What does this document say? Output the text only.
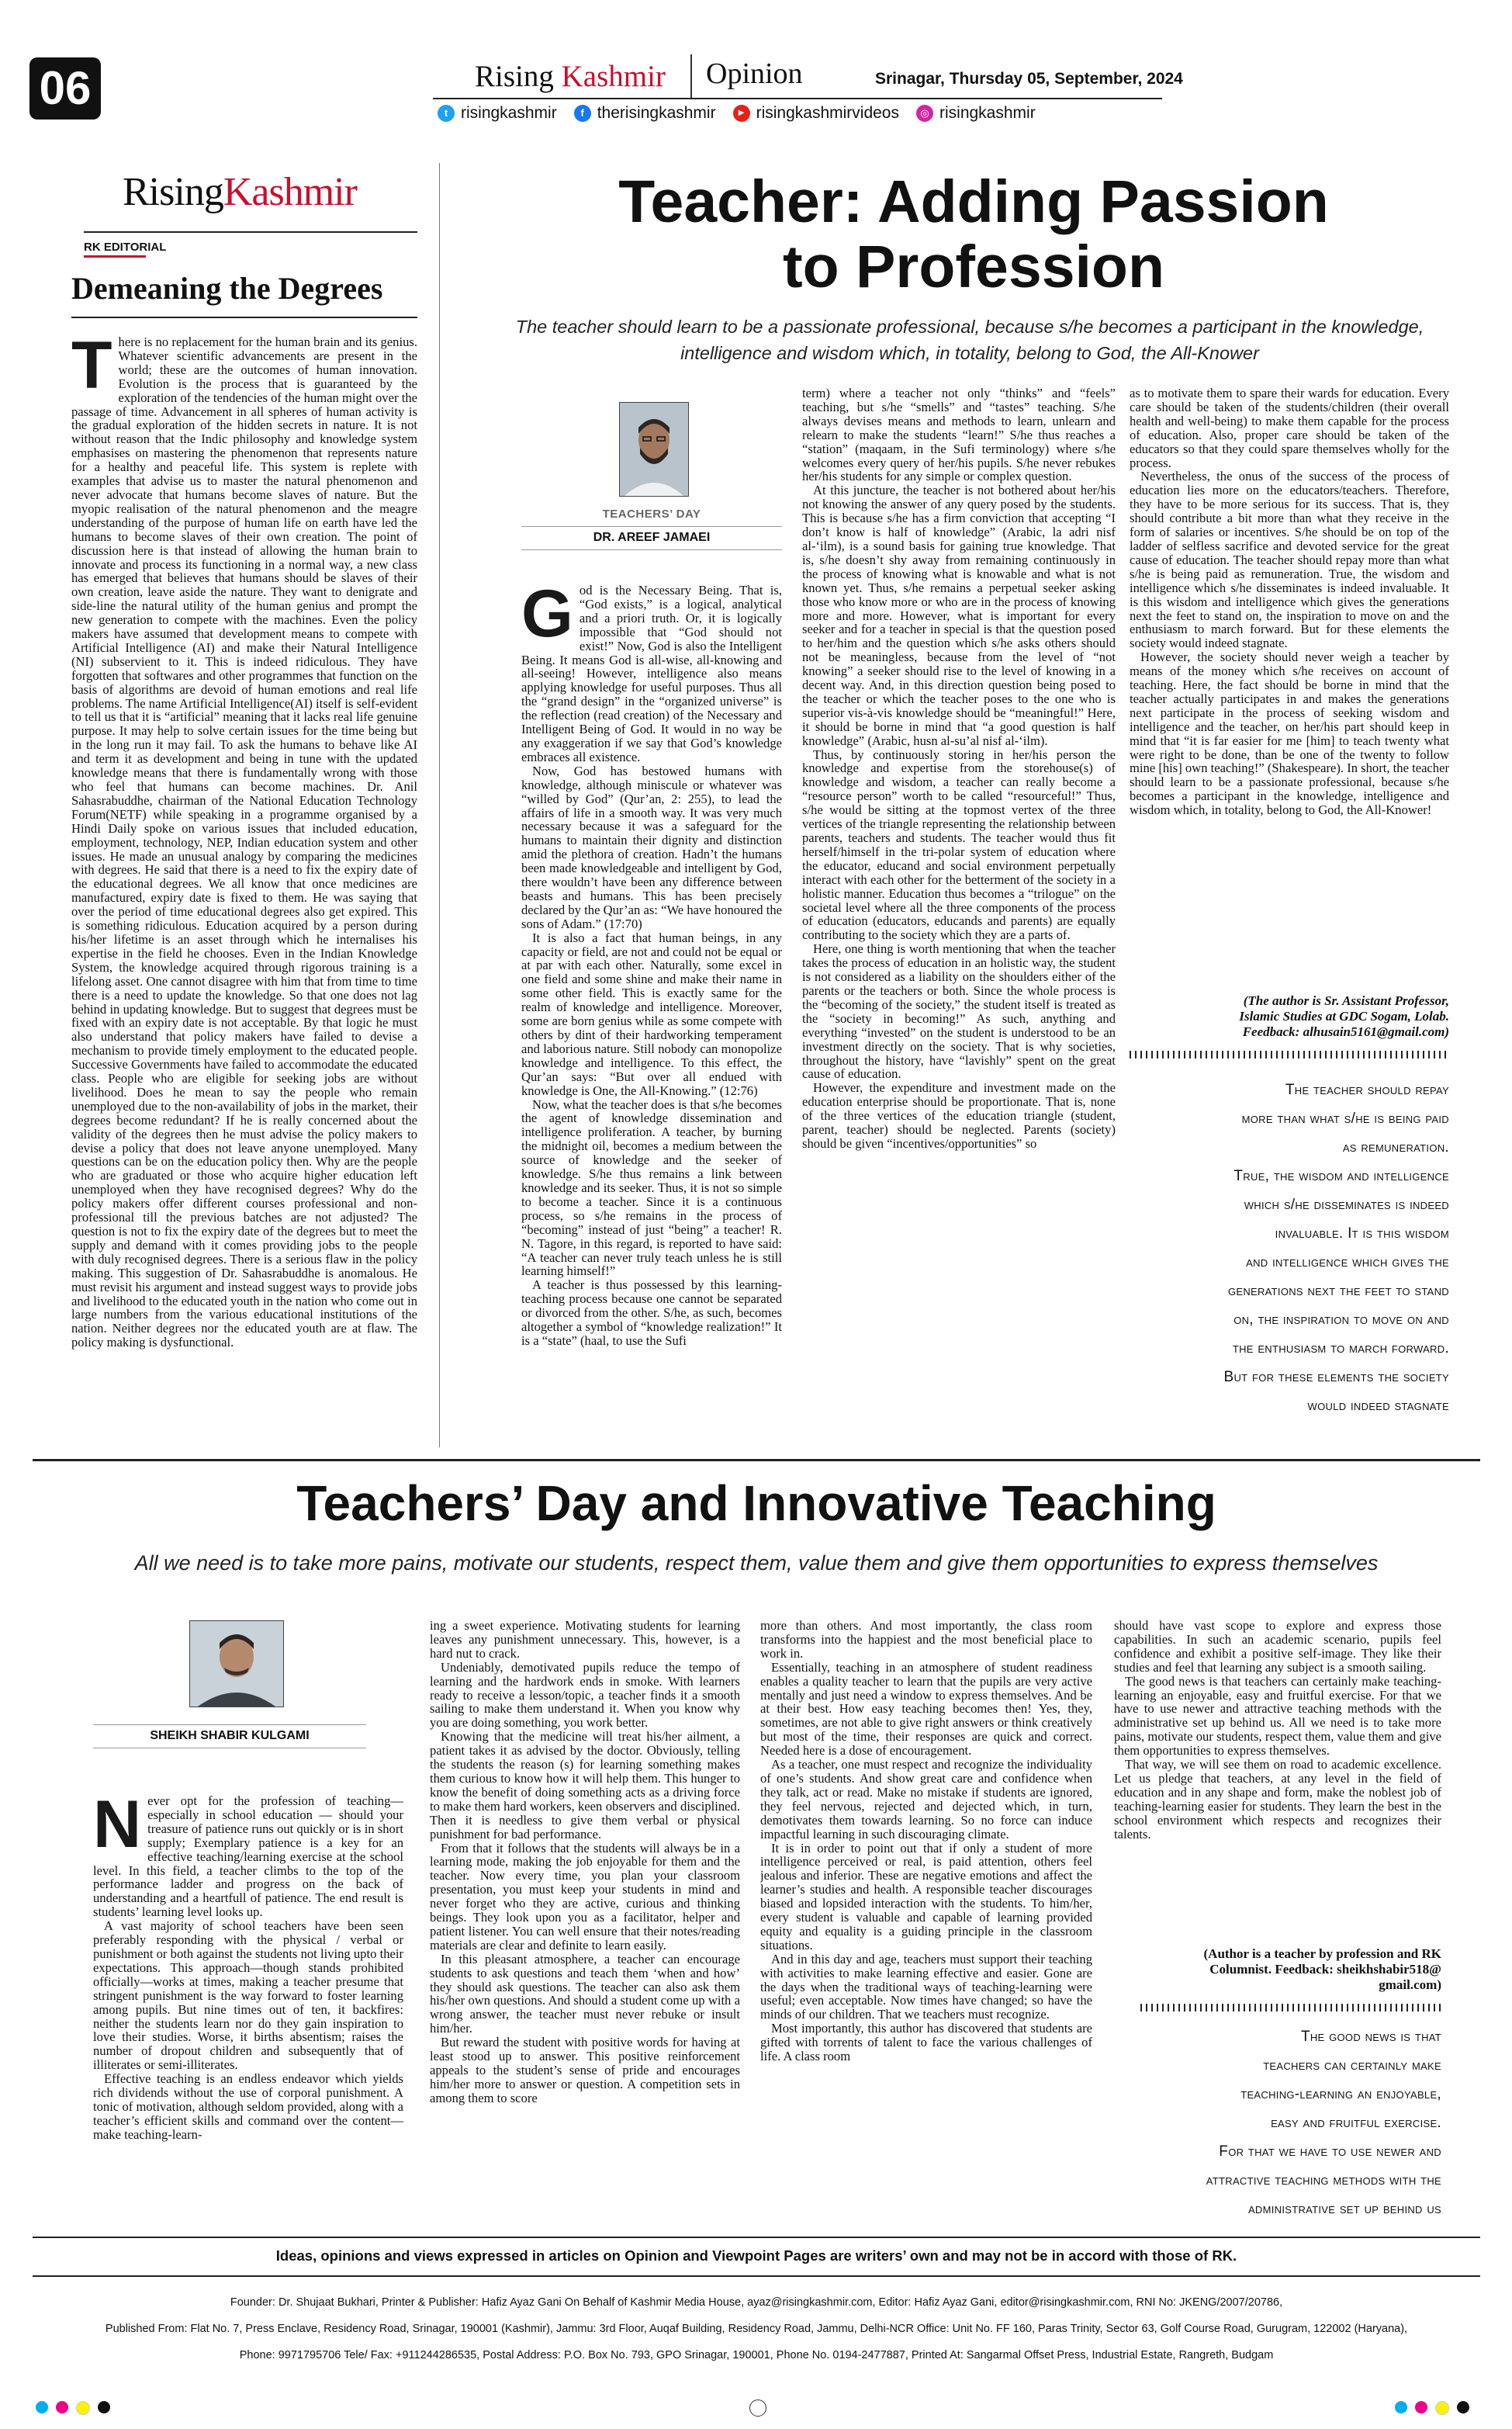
06	Rising Kashmir Opinion	Srinagar, Thursday 05, September, 2024
t risingkashmir	f therisingkashmir	▶ risingkashmirvideos	◎ risingkashmir
RisingKashmir
RK EDITORIAL
Demeaning the Degrees
T here is no replacement for the human brain and its genius. Whatever scientific advancements are present in the world; these are the outcomes of human innovation. Evolution is the process that is guaranteed by the exploration of the tendencies of the human might over the passage of time. Advancement in all spheres of human activity is the gradual exploration of the hidden secrets in nature. It is not without reason that the Indic philosophy and knowledge system emphasises on mastering the phenomenon that represents nature for a healthy and peaceful life. This system is replete with examples that advise us to master the natural phenomenon and never advocate that humans become slaves of nature. But the myopic realisation of the natural phenomenon and the meagre understanding of the purpose of human life on earth have led the humans to become slaves of their own creation. The point of discussion here is that instead of allowing the human brain to innovate and process its functioning in a normal way, a new class has emerged that believes that humans should be slaves of their own creation, leave aside the nature. They want to denigrate and side-line the natural utility of the human genius and prompt the new generation to compete with the machines. Even the policy makers have assumed that development means to compete with Artificial Intelligence (AI) and make their Natural Intelligence (NI) subservient to it. This is indeed ridiculous. They have forgotten that softwares and other programmes that function on the basis of algorithms are devoid of human emotions and real life problems. The name Artificial Intelligence(AI) itself is self-evident to tell us that it is “artificial” meaning that it lacks real life genuine purpose. It may help to solve certain issues for the time being but in the long run it may fail. To ask the humans to behave like AI and term it as development and being in tune with the updated knowledge means that there is fundamentally wrong with those who feel that humans can become machines. Dr. Anil Sahasrabuddhe, chairman of the National Education Technology Forum(NETF) while speaking in a programme organised by a Hindi Daily spoke on various issues that included education, employment, technology, NEP, Indian education system and other issues. He made an unusual analogy by comparing the medicines with degrees. He said that there is a need to fix the expiry date of the educational degrees. We all know that once medicines are manufactured, expiry date is fixed to them. He was saying that over the period of time educational degrees also get expired. This is something ridiculous. Education acquired by a person during his/her lifetime is an asset through which he internalises his expertise in the field he chooses. Even in the Indian Knowledge System, the knowledge acquired through rigorous training is a lifelong asset. One cannot disagree with him that from time to time there is a need to update the knowledge. So that one does not lag behind in updating knowledge. But to suggest that degrees must be fixed with an expiry date is not acceptable. By that logic he must also understand that policy makers have failed to devise a mechanism to provide timely employment to the educated people. Successive Governments have failed to accommodate the educated class. People who are eligible for seeking jobs are without livelihood. Does he mean to say the people who remain unemployed due to the non-availability of jobs in the market, their degrees become redundant? If he is really concerned about the validity of the degrees then he must advise the policy makers to devise a policy that does not leave anyone unemployed. Many questions can be on the education policy then. Why are the people who are graduated or those who acquire higher education left unemployed when they have recognised degrees? Why do the policy makers offer different courses professional and non-professional till the previous batches are not adjusted? The question is not to fix the expiry date of the degrees but to meet the supply and demand with it comes providing jobs to the people with duly recognised degrees. There is a serious flaw in the policy making. This suggestion of Dr. Sahasrabuddhe is anomalous. He must revisit his argument and instead suggest ways to provide jobs and livelihood to the educated youth in the nation who come out in large numbers from the various educational institutions of the nation. Neither degrees nor the educated youth are at flaw. The policy making is dysfunctional.

Teacher: Adding Passion
to Profession
The teacher should learn to be a passionate professional, because s/he becomes a participant in the knowledge, intelligence and wisdom which, in totality, belong to God, the All-Knower
TEACHERS’ DAY
DR. AREEF JAMAEI
G od is the Necessary Being. That is, “God exists,” is a logical, analytical and a priori truth. Or, it is logically impossible that “God should not exist!” Now, God is also the Intelligent Being. It means God is all-wise, all-knowing and all-seeing! However, intelligence also means applying knowledge for useful purposes. Thus all the “grand design” in the “organized universe” is the reflection (read creation) of the Necessary and Intelligent Being of God. It would in no way be any exaggeration if we say that God’s knowledge embraces all existence.

Now, God has bestowed humans with knowledge, although miniscule or whatever was “willed by God” (Qur’an, 2: 255), to lead the affairs of life in a smooth way. It was very much necessary because it was a safeguard for the humans to maintain their dignity and distinction amid the plethora of creation. Hadn’t the humans been made knowledgeable and intelligent by God, there wouldn’t have been any difference between beasts and humans. This has been precisely declared by the Qur’an as: “We have honoured the sons of Adam.” (17:70)

It is also a fact that human beings, in any capacity or field, are not and could not be equal or at par with each other. Naturally, some excel in one field and some shine and make their name in some other field. This is exactly same for the realm of knowledge and intelligence. Moreover, some are born genius while as some compete with others by dint of their hardworking temperament and laborious nature. Still nobody can monopolize knowledge and intelligence. To this effect, the Qur’an says: “But over all endued with knowledge is One, the All-Knowing.” (12:76)

Now, what the teacher does is that s/he becomes the agent of knowledge dissemination and intelligence proliferation. A teacher, by burning the midnight oil, becomes a medium between the source of knowledge and the seeker of knowledge. S/he thus remains a link between knowledge and its seeker. Thus, it is not so simple to become a teacher. Since it is a continuous process, so s/he remains in the process of “becoming” instead of just “being” a teacher! R. N. Tagore, in this regard, is reported to have said: “A teacher can never truly teach unless he is still learning himself!”

A teacher is thus possessed by this learning-teaching process because one cannot be separated or divorced from the other. S/he, as such, becomes altogether a symbol of “knowledge realization!” It is a “state” (haal, to use the Sufi

term) where a teacher not only “thinks” and “feels” teaching, but s/he “smells” and “tastes” teaching. S/he always devises means and methods to learn, unlearn and relearn to make the students “learn!” S/he thus reaches a “station” (maqaam, in the Sufi terminology) where s/he welcomes every query of her/his pupils. S/he never rebukes her/his students for any simple or complex question.

At this juncture, the teacher is not bothered about her/his not knowing the answer of any query posed by the students. This is because s/he has a firm conviction that accepting “I don’t know is half of knowledge” (Arabic, la adri nisf al-‘ilm), is a sound basis for gaining true knowledge. That is, s/he doesn’t shy away from remaining continuously in the process of knowing what is knowable and what is not known yet. Thus, s/he remains a perpetual seeker asking those who know more or who are in the process of knowing more and more. However, what is important for every seeker and for a teacher in special is that the question posed to her/him and the question which s/he asks others should not be meaningless, because from the level of “not knowing” a seeker should rise to the level of knowing in a decent way. And, in this direction question being posed to the teacher or which the teacher poses to the one who is superior vis-à-vis knowledge should be “meaningful!” Here, it should be borne in mind that “a good question is half knowledge” (Arabic, husn al-su’al nisf al-‘ilm).

Thus, by continuously storing in her/his person the knowledge and expertise from the storehouse(s) of knowledge and wisdom, a teacher can really become a “resource person” worth to be called “resourceful!” Thus, s/he would be sitting at the topmost vertex of the three vertices of the triangle representing the relationship between parents, teachers and students. The teacher would thus fit herself/himself in the tri-polar system of education where the educator, educand and social environment perpetually interact with each other for the betterment of the society in a holistic manner. Education thus becomes a “trilogue” on the societal level where all the three components of the process of education (educators, educands and parents) are equally contributing to the society which they are a parts of.

Here, one thing is worth mentioning that when the teacher takes the process of education in an holistic way, the student is not considered as a liability on the shoulders either of the parents or the teachers or both. Since the whole process is the “becoming of the society,” the student itself is treated as the “society in becoming!” As such, anything and everything “invested” on the student is understood to be an investment directly on the society. That is why societies, throughout the history, have “lavishly” spent on the great cause of education.

However, the expenditure and investment made on the education enterprise should be proportionate. That is, none of the three vertices of the education triangle (student, parent, teacher) should be neglected. Parents (society) should be given “incentives/opportunities” so

as to motivate them to spare their wards for education. Every care should be taken of the students/children (their overall health and well-being) to make them capable for the process of education. Also, proper care should be taken of the educators so that they could spare themselves wholly for the process.

Nevertheless, the onus of the success of the process of education lies more on the educators/teachers. Therefore, they have to be more serious for its success. That is, they should contribute a bit more than what they receive in the form of salaries or incentives. S/he should be on top of the ladder of selfless sacrifice and devoted service for the great cause of education. The teacher should repay more than what s/he is being paid as remuneration. True, the wisdom and intelligence which s/he disseminates is indeed invaluable. It is this wisdom and intelligence which gives the generations next the feet to stand on, the inspiration to move on and the enthusiasm to march forward. But for these elements the society would indeed stagnate.

However, the society should never weigh a teacher by means of the money which s/he receives on account of teaching. Here, the fact should be borne in mind that the teacher actually participates in and makes the generations next participate in the process of seeking wisdom and intelligence and the teacher, on her/his part should keep in mind that “it is far easier for me [him] to teach twenty what were right to be done, than be one of the twenty to follow mine [his] own teaching!” (Shakespeare). In short, the teacher should learn to be a passionate professional, because s/he becomes a participant in the knowledge, intelligence and wisdom which, in totality, belong to God, the All-Knower!

(The author is Sr. Assistant Professor,
Islamic Studies at GDC Sogam, Lolab.
Feedback: alhusain5161@gmail.com)

The teacher should repay

more than what s/he is being paid

as remuneration.

True, the wisdom and intelligence

which s/he disseminates is indeed

invaluable. It is this wisdom

and intelligence which gives the

generations next the feet to stand

on, the inspiration to move on and

the enthusiasm to march forward.

But for these elements the society

would indeed stagnate

Teachers’ Day and Innovative Teaching
All we need is to take more pains, motivate our students, respect them, value them and give them opportunities to express themselves
SHEIKH SHABIR KULGAMI
N ever opt for the profession of teaching—especially in school education — should your treasure of patience runs out quickly or is in short supply; Exemplary patience is a key for an effective teaching/learning exercise at the school level. In this field, a teacher climbs to the top of the performance ladder and progress on the back of understanding and a heartfull of patience. The end result is students’ learning level looks up.

A vast majority of school teachers have been seen preferably responding with the physical / verbal or punishment or both against the students not living upto their expectations. This approach—though stands prohibited officially—works at times, making a teacher presume that stringent punishment is the way forward to foster learning among pupils. But nine times out of ten, it backfires: neither the students learn nor do they gain inspiration to love their studies. Worse, it births absentism; raises the number of dropout children and subsequently that of illiterates or semi-illiterates.

Effective teaching is an endless endeavor which yields rich dividends without the use of corporal punishment. A tonic of motivation, although seldom provided, along with a teacher’s efficient skills and command over the content— make teaching-learn-

ing a sweet experience. Motivating students for learning leaves any punishment unnecessary. This, however, is a hard nut to crack.

Undeniably, demotivated pupils reduce the tempo of learning and the hardwork ends in smoke. With learners ready to receive a lesson/topic, a teacher finds it a smooth sailing to make them understand it. When you know why you are doing something, you work better.

Knowing that the medicine will treat his/her ailment, a patient takes it as advised by the doctor. Obviously, telling the students the reason (s) for learning something makes them curious to know how it will help them. This hunger to know the benefit of doing something acts as a driving force to make them hard workers, keen observers and disciplined. Then it is needless to give them verbal or physical punishment for bad performance.

From that it follows that the students will always be in a learning mode, making the job enjoyable for them and the teacher. Now every time, you plan your classroom presentation, you must keep your students in mind and never forget who they are active, curious and thinking beings. They look upon you as a facilitator, helper and patient listener. You can well ensure that their notes/reading materials are clear and definite to learn easily.

In this pleasant atmosphere, a teacher can encourage students to ask questions and teach them ‘when and how’ they should ask questions. The teacher can also ask them his/her own questions. And should a student come up with a wrong answer, the teacher must never rebuke or insult him/her.

But reward the student with positive words for having at least stood up to answer. This positive reinforcement appeals to the student’s sense of pride and encourages him/her more to answer or question. A competition sets in among them to score

more than others. And most importantly, the class room transforms into the happiest and the most beneficial place to work in.

Essentially, teaching in an atmosphere of student readiness enables a quality teacher to learn that the pupils are very active mentally and just need a window to express themselves. And be at their best. How easy teaching becomes then! Yes, they, sometimes, are not able to give right answers or think creatively but most of the time, their responses are quick and correct. Needed here is a dose of encouragement.

As a teacher, one must respect and recognize the individuality of one’s students. And show great care and confidence when they talk, act or read. Make no mistake if students are ignored, they feel nervous, rejected and dejected which, in turn, demotivates them towards learning. So no force can induce impactful learning in such discouraging climate.

It is in order to point out that if only a student of more intelligence perceived or real, is paid attention, others feel jealous and inferior. These are negative emotions and affect the learner’s studies and health. A responsible teacher discourages biased and lopsided interaction with the students. To him/her, every student is valuable and capable of learning provided equity and equality is a guiding principle in the classroom situations.

And in this day and age, teachers must support their teaching with activities to make learning effective and easier. Gone are the days when the traditional ways of teaching-learning were useful; even acceptable. Now times have changed; so have the minds of our children. That we teachers must recognize.

Most importantly, this author has discovered that students are gifted with torrents of talent to face the various challenges of life. A class room

should have vast scope to explore and express those capabilities. In such an academic scenario, pupils feel confidence and exhibit a positive self-image. They like their studies and feel that learning any subject is a smooth sailing.

The good news is that teachers can certainly make teaching-learning an enjoyable, easy and fruitful exercise. For that we have to use newer and attractive teaching methods with the administrative set up behind us. All we need is to take more pains, motivate our students, respect them, value them and give them opportunities to express themselves.

That way, we will see them on road to academic excellence. Let us pledge that teachers, at any level in the field of education and in any shape and form, make the noblest job of teaching-learning easier for students. They learn the best in the school environment which respects and recognizes their talents.

(Author is a teacher by profession and RK
Columnist. Feedback: sheikhshabir518@
gmail.com)

The good news is that

teachers can certainly make

teaching-learning an enjoyable,

easy and fruitful exercise.

For that we have to use newer and

attractive teaching methods with the

administrative set up behind us

Ideas, opinions and views expressed in articles on Opinion and Viewpoint Pages are writers’ own and may not be in accord with those of RK.
Founder: Dr. Shujaat Bukhari, Printer & Publisher: Hafiz Ayaz Gani On Behalf of Kashmir Media House, ayaz@risingkashmir.com, Editor: Hafiz Ayaz Gani, editor@risingkashmir.com, RNI No: JKENG/2007/20786,
Published From: Flat No. 7, Press Enclave, Residency Road, Srinagar, 190001 (Kashmir), Jammu: 3rd Floor, Auqaf Building, Residency Road, Jammu, Delhi-NCR Office: Unit No. FF 160, Paras Trinity, Sector 63, Golf Course Road, Gurugram, 122002 (Haryana),
Phone: 9971795706 Tele/ Fax: +911244286535, Postal Address: P.O. Box No. 793, GPO Srinagar, 190001, Phone No. 0194-2477887, Printed At: Sangarmal Offset Press, Industrial Estate, Rangreth, Budgam
